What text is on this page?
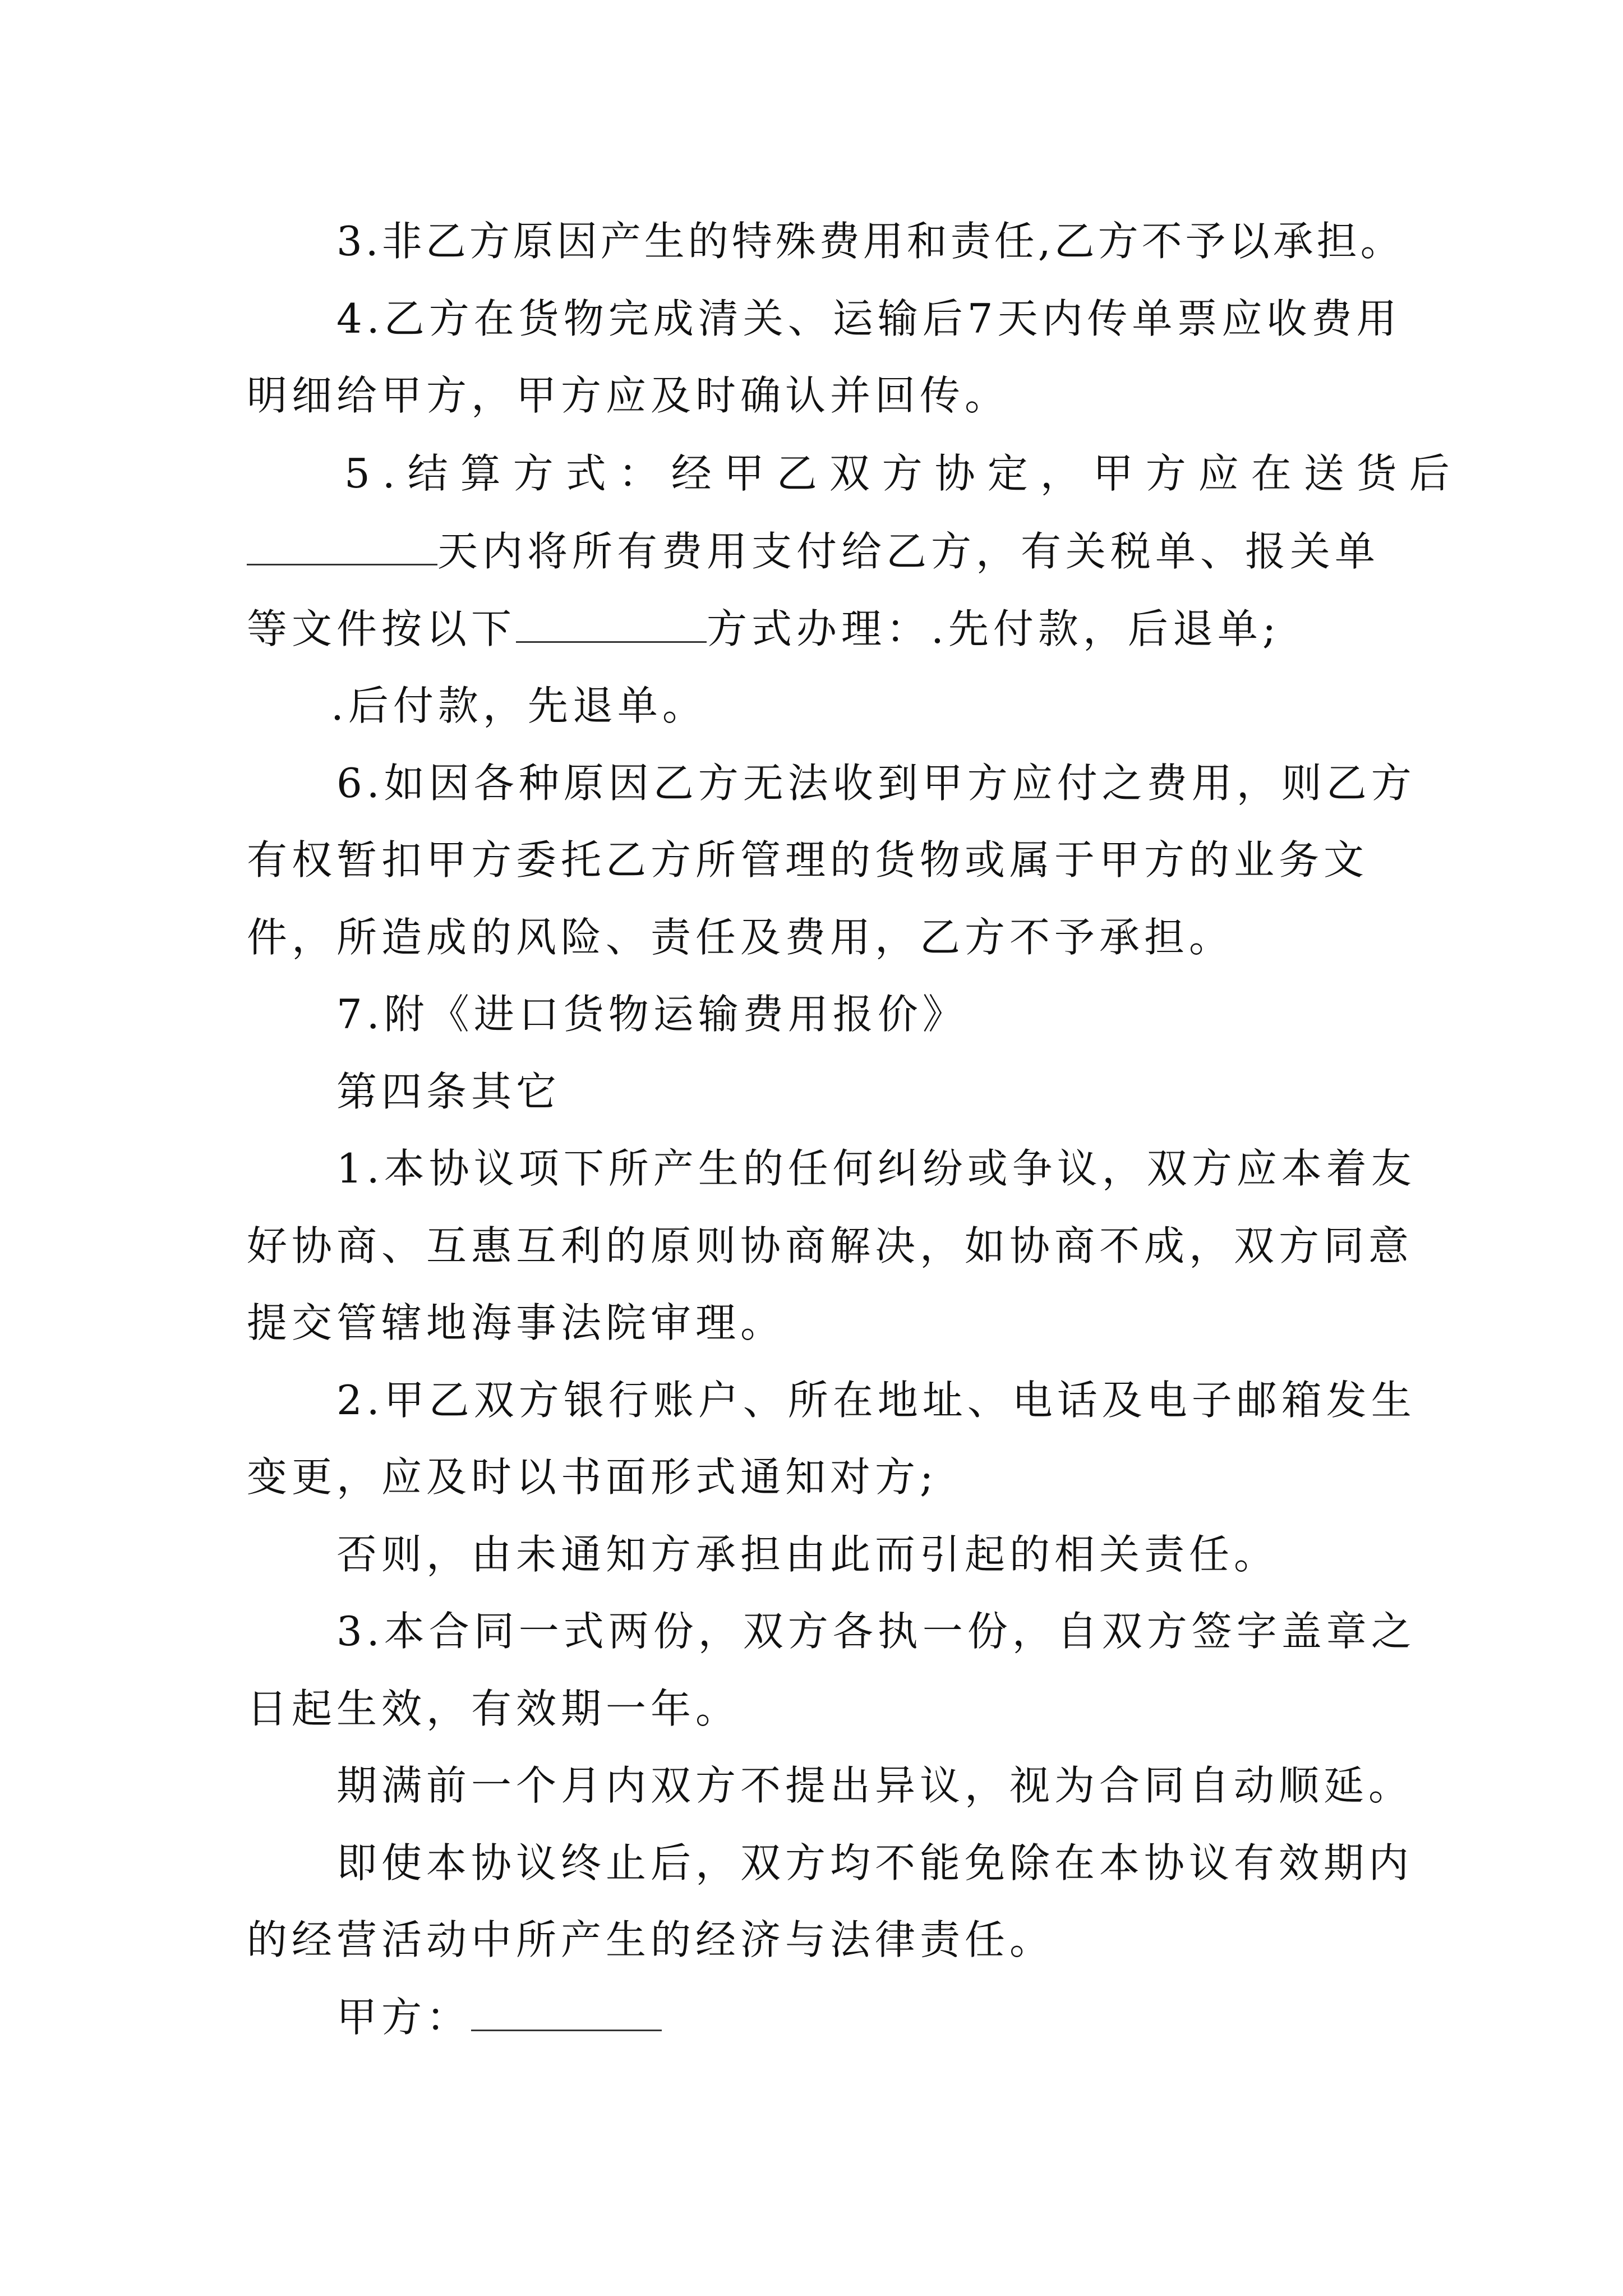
3.非乙方原因产生的特殊费用和责任,乙方不予以承担。

4.乙方在货物完成清关、运输后7天内传单票应收费用

明细给甲方，甲方应及时确认并回传。

5.结算方式：经甲乙双方协定，甲方应在送货后

天内将所有费用支付给乙方，有关税单、报关单

等文件按以下	方式办理：.先付款，后退单;

.后付款，先退单。

6.如因各种原因乙方无法收到甲方应付之费用，则乙方

有权暂扣甲方委托乙方所管理的货物或属于甲方的业务文

件，所造成的风险、责任及费用，乙方不予承担。

7.附《进口货物运输费用报价》

第四条其它

1.本协议项下所产生的任何纠纷或争议，双方应本着友

好协商、互惠互利的原则协商解决，如协商不成，双方同意

提交管辖地海事法院审理。

2.甲乙双方银行账户、所在地址、电话及电子邮箱发生

变更，应及时以书面形式通知对方;

否则，由未通知方承担由此而引起的相关责任。

3.本合同一式两份，双方各执一份，自双方签字盖章之

日起生效，有效期一年。

期满前一个月内双方不提出异议，视为合同自动顺延。

即使本协议终止后，双方均不能免除在本协议有效期内

的经营活动中所产生的经济与法律责任。

甲方：
